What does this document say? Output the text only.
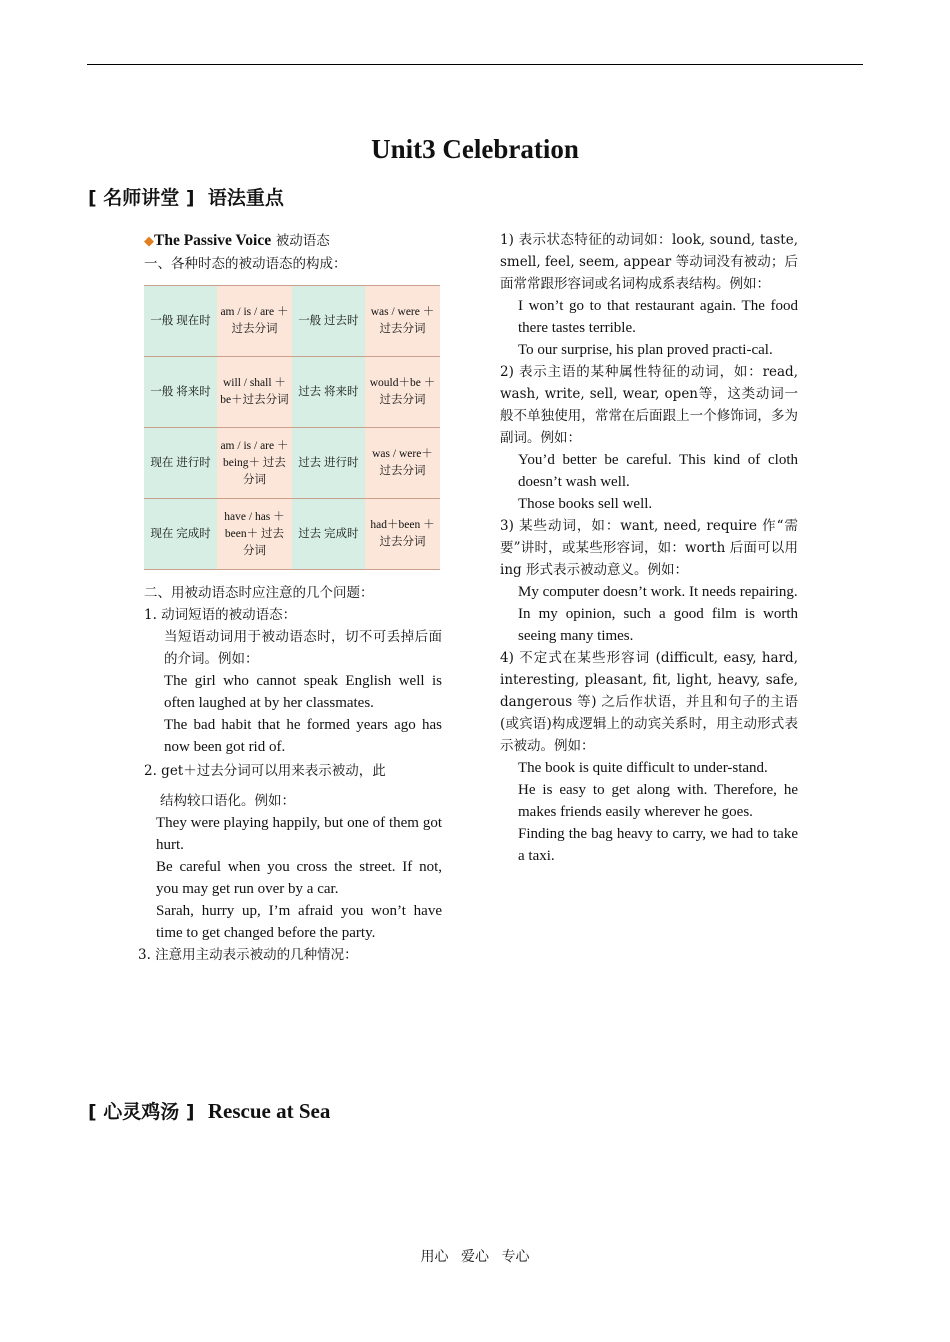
Unit3 Celebration
[ 名师讲堂 ] 语法重点

◆The Passive Voice 被动语态

一、各种时态的被动语态的构成：

一般 现在时	am / is / are ＋过去分词	一般 过去时	was / were ＋过去分词
一般 将来时	will / shall ＋be＋过去分词	过去 将来时	would＋be ＋过去分词
现在 进行时	am / is / are ＋being＋ 过去分词	过去 进行时	was / were＋过去分词
现在 完成时	have / has ＋been＋ 过去分词	过去 完成时	had＋been ＋过去分词

二、用被动语态时应注意的几个问题：

1. 动词短语的被动语态：

当短语动词用于被动语态时，切不可丢掉后面的介词。例如：

The girl who cannot speak English well is often laughed at by her classmates.

The bad habit that he formed years ago has now been got rid of.

2. get＋过去分词可以用来表示被动，此

结构较口语化。例如：

They were playing happily, but one of them got hurt.

Be careful when you cross the street. If not, you may get run over by a car.

Sarah, hurry up, I’m afraid you won’t have time to get changed before the party.

3. 注意用主动表示被动的几种情况：

1) 表示状态特征的动词如：look, sound, taste, smell, feel, seem, appear 等动词没有被动；后面常常跟形容词或名词构成系表结构。例如：

I won’t go to that restaurant again. The food there tastes terrible.

To our surprise, his plan proved practi-cal.

2) 表示主语的某种属性特征的动词，如：read, wash, write, sell, wear, open等，这类动词一般不单独使用，常常在后面跟上一个修饰词，多为副词。例如：

You’d better be careful. This kind of cloth doesn’t wash well.

Those books sell well.

3) 某些动词，如：want, need, require 作“需要”讲时，或某些形容词，如：worth 后面可以用 ing 形式表示被动意义。例如：

My computer doesn’t work. It needs repairing.

In my opinion, such a good film is worth seeing many times.

4) 不定式在某些形容词 (difficult, easy, hard, interesting, pleasant, fit, light, heavy, safe, dangerous 等) 之后作状语，并且和句子的主语(或宾语)构成逻辑上的动宾关系时，用主动形式表示被动。例如：

The book is quite difficult to under-stand.

He is easy to get along with. Therefore, he makes friends easily wherever he goes.

Finding the bag heavy to carry, we had to take a taxi.

[ 心灵鸡汤 ] Rescue at Sea
用心 爱心 专心
